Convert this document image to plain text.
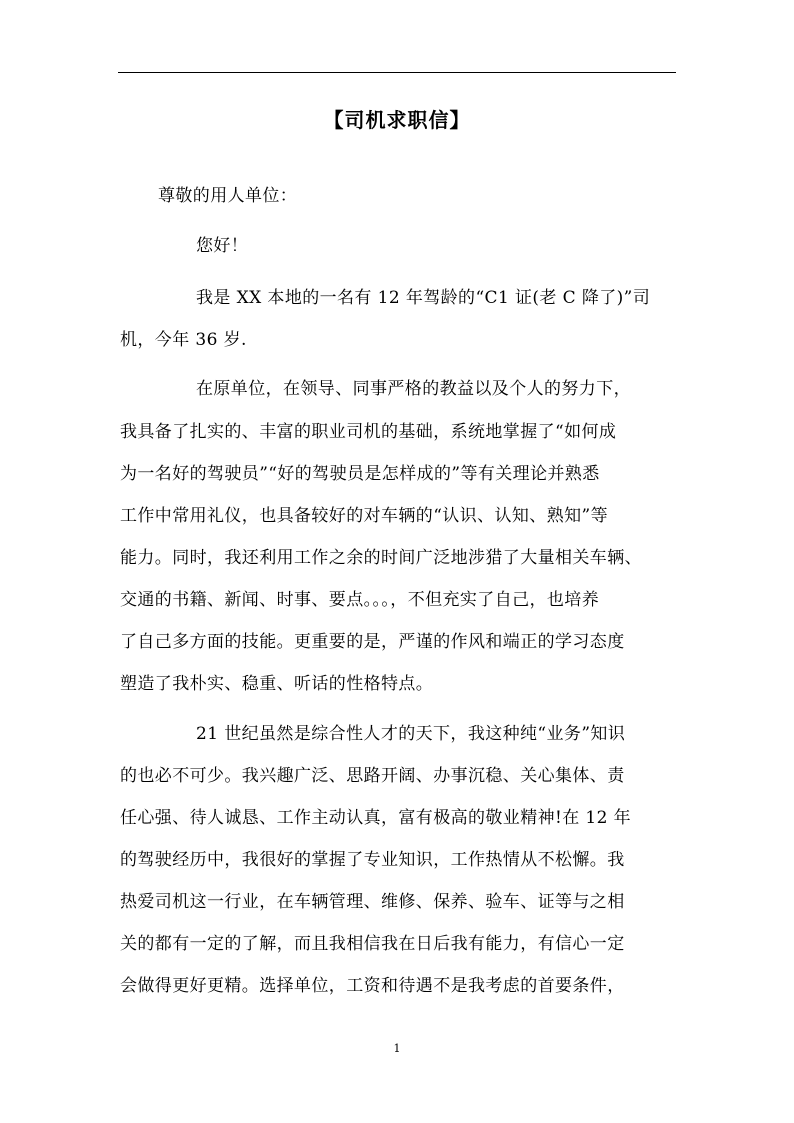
【司机求职信】
尊敬的用人单位：
您好！
我是 XX 本地的一名有 12 年驾龄的“C1 证(老 C 降了)”司
机，今年 36 岁.
在原单位，在领导、同事严格的教益以及个人的努力下，
我具备了扎实的、丰富的职业司机的基础，系统地掌握了“如何成
为一名好的驾驶员”“好的驾驶员是怎样成的”等有关理论并熟悉
工作中常用礼仪，也具备较好的对车辆的“认识、认知、熟知”等
能力。同时，我还利用工作之余的时间广泛地涉猎了大量相关车辆、
交通的书籍、新闻、时事、要点。。。，不但充实了自己，也培养
了自己多方面的技能。更重要的是，严谨的作风和端正的学习态度
塑造了我朴实、稳重、听话的性格特点。
21 世纪虽然是综合性人才的天下，我这种纯“业务”知识
的也必不可少。我兴趣广泛、思路开阔、办事沉稳、关心集体、责
任心强、待人诚恳、工作主动认真，富有极高的敬业精神!在 12 年
的驾驶经历中，我很好的掌握了专业知识，工作热情从不松懈。我
热爱司机这一行业，在车辆管理、维修、保养、验车、证等与之相
关的都有一定的了解，而且我相信我在日后我有能力，有信心一定
会做得更好更精。选择单位，工资和待遇不是我考虑的首要条件，
1
